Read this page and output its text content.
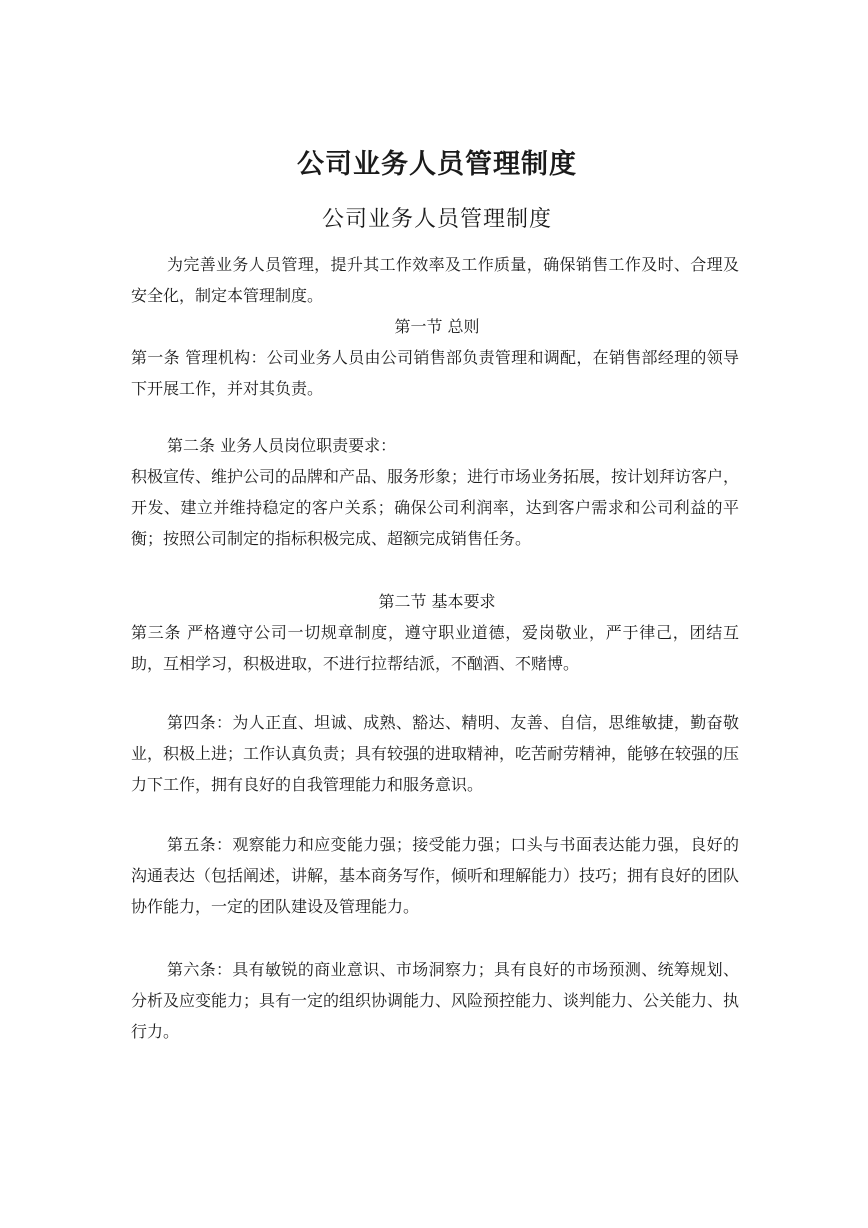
公司业务人员管理制度
公司业务人员管理制度
为完善业务人员管理，提升其工作效率及工作质量，确保销售工作及时、合理及安全化，制定本管理制度。
第一节 总则
第一条 管理机构：公司业务人员由公司销售部负责管理和调配，在销售部经理的领导下开展工作，并对其负责。
第二条 业务人员岗位职责要求：
积极宣传、维护公司的品牌和产品、服务形象；进行市场业务拓展，按计划拜访客户，开发、建立并维持稳定的客户关系；确保公司利润率，达到客户需求和公司利益的平衡；按照公司制定的指标积极完成、超额完成销售任务。
第二节 基本要求
第三条 严格遵守公司一切规章制度，遵守职业道德，爱岗敬业，严于律己，团结互助，互相学习，积极进取，不进行拉帮结派，不酗酒、不赌博。
第四条：为人正直、坦诚、成熟、豁达、精明、友善、自信，思维敏捷，勤奋敬业，积极上进；工作认真负责；具有较强的进取精神，吃苦耐劳精神，能够在较强的压力下工作，拥有良好的自我管理能力和服务意识。
第五条：观察能力和应变能力强；接受能力强；口头与书面表达能力强，良好的沟通表达（包括阐述，讲解，基本商务写作，倾听和理解能力）技巧；拥有良好的团队协作能力，一定的团队建设及管理能力。
第六条：具有敏锐的商业意识、市场洞察力；具有良好的市场预测、统筹规划、分析及应变能力；具有一定的组织协调能力、风险预控能力、谈判能力、公关能力、执行力。
